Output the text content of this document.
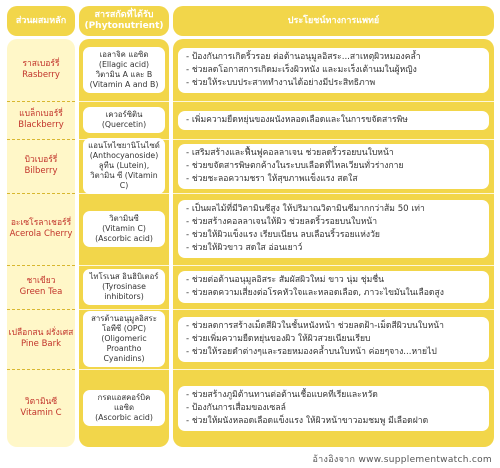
ส่วนผสมหลัก
สารสกัดที่ได้รับ
(Phytonutrient)
ประโยชน์ทางการแพทย์
ราสเบอร์รี่
Rasberry
แบล็กเบอร์รี่
Blackberry
บิวเบอร์รี่
Bilberry
อะเซโรลาเชอร์รี่
Acerola Cherry
ชาเขียว
Green Tea
เปลือกสน ฝรั่งเศส
Pine Bark
วิตามินซี
Vitamin C
เอลาจิค แอซิด
(Ellagic acid)
วิตามิน A และ B
(Vitamin A and B)
เควอร์ซิติน
(Quercetin)
แอนโทไซยานิโนไซด์
(Anthocyanoside)
ลูทีน (Lutein),
วิตามิน ซี (Vitamin C)
วิตามินซี
(Vitamin C)
(Ascorbic acid)
ไทโรเนส อินฮิบิเตอร์
(Tyrosinase
inhibitors)
สารต้านอนุมูลอิสระ
โอพีซี (OPC)
(Oligomeric
Proantho
Cyanidins)
กรดแอสคอร์บิค
แอซิด
(Ascorbic acid)
- ป้องกันการเกิดริ้วรอย ต่อต้านอนุมูลอิสระ...สาเหตุผิวหมองคล้ำ
- ช่วยลดโอกาสการเกิดมะเร็งผิวหนัง และมะเร็งเต้านมในผู้หญิง
- ช่วยให้ระบบประสาททำงานได้อย่างมีประสิทธิภาพ
- เพิ่มความยืดหยุ่นของผนังหลอดเลือดและในการขจัดสารพิษ
- เสริมสร้างและฟื้นฟูคอลลาเจน ช่วยลดริ้วรอยบนใบหน้า
- ช่วยขจัดสารพิษตกค้างในระบบเลือดที่ไหลเวียนทั่วร่างกาย
- ช่วยชะลอความชรา ให้สุขภาพแข็งแรง สดใส
- เป็นผลไม้ที่มีวิตามินซีสูง ให้ปริมาณวิตามินซีมากกว่าส้ม 50 เท่า
- ช่วยสร้างคอลลาเจนให้ผิว ช่วยลดริ้วรอยบนใบหน้า
- ช่วยให้ผิวแข็งแรง เรียบเนียน ลบเลือนริ้วรอยแห่งวัย
- ช่วยให้ผิวขาว สดใส อ่อนเยาว์
- ช่วยต่อต้านอนุมูลอิสระ สัมผัสผิวใหม่ ขาว นุ่ม ชุ่มชื่น
- ช่วยลดความเสี่ยงต่อโรคหัวใจและหลอดเลือด, ภาวะไขมันในเลือดสูง
- ช่วยลดการสร้างเม็ดสีผิวในชั้นหนังหน้า ช่วยลดฝ้า-เม็ดสีผิวบนใบหน้า
- ช่วยเพิ่มความยืดหยุ่นของผิว ให้ผิวสวยเนียนเรียบ
- ช่วยให้รอยดำต่างๆและรอยหมองคล้ำบนใบหน้า ค่อยๆจาง...หายไป
- ช่วยสร้างภูมิต้านทานต่อต้านเชื้อแบคทีเรียและหวัด
- ป้องกันการเสื่อมของเซลล์
- ช่วยให้ผนังหลอดเลือดแข็งแรง ให้ผิวหน้าขาวอมชมพู มีเลือดฝาด
อ้างอิงจาก www.supplementwatch.com
